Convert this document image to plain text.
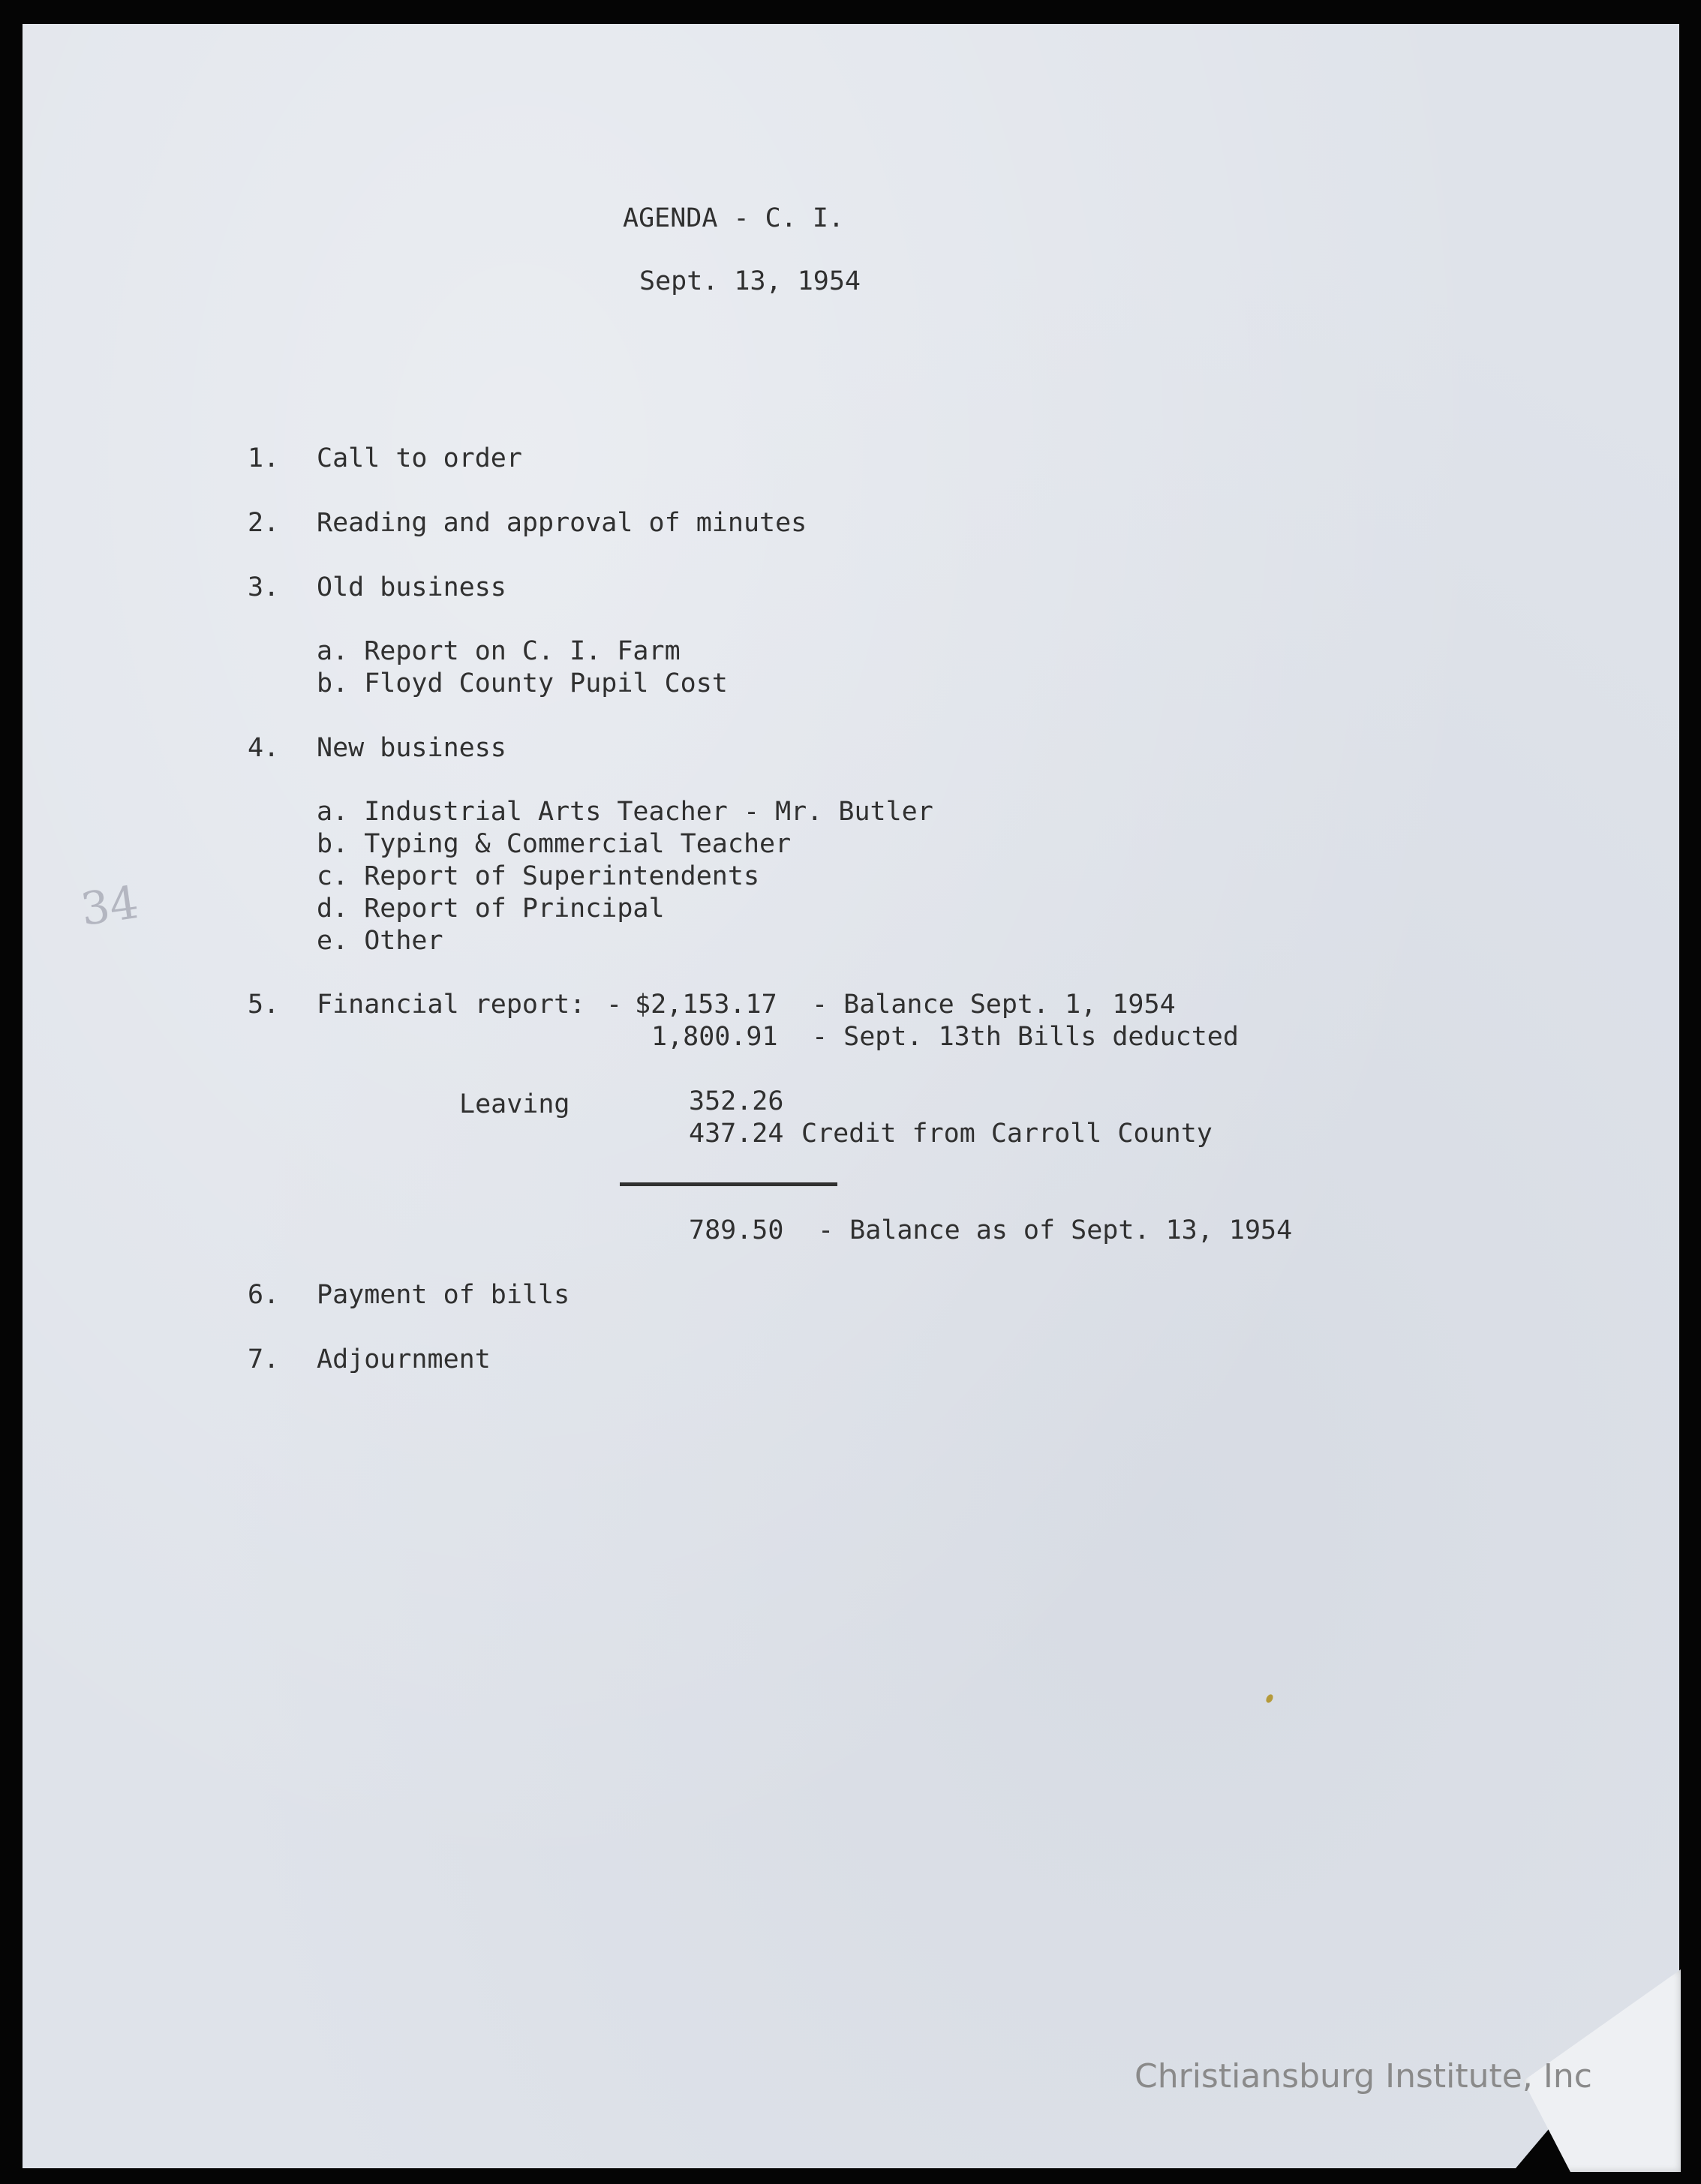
AGENDA - C. I.
Sept. 13, 1954
1. Call to order
2. Reading and approval of minutes
3. Old business
a. Report on C. I. Farm
b. Floyd County Pupil Cost
4. New business
a. Industrial Arts Teacher - Mr. Butler
b. Typing & Commercial Teacher
c. Report of Superintendents
d. Report of Principal
e. Other
5. Financial report: - $2,153.17 - Balance Sept. 1, 1954
1,800.91 - Sept. 13th Bills deducted
Leaving	352.26
437.24 Credit from Carroll County
789.50 - Balance as of Sept. 13, 1954
6. Payment of bills
7. Adjournment
34
Christiansburg Institute, Inc
